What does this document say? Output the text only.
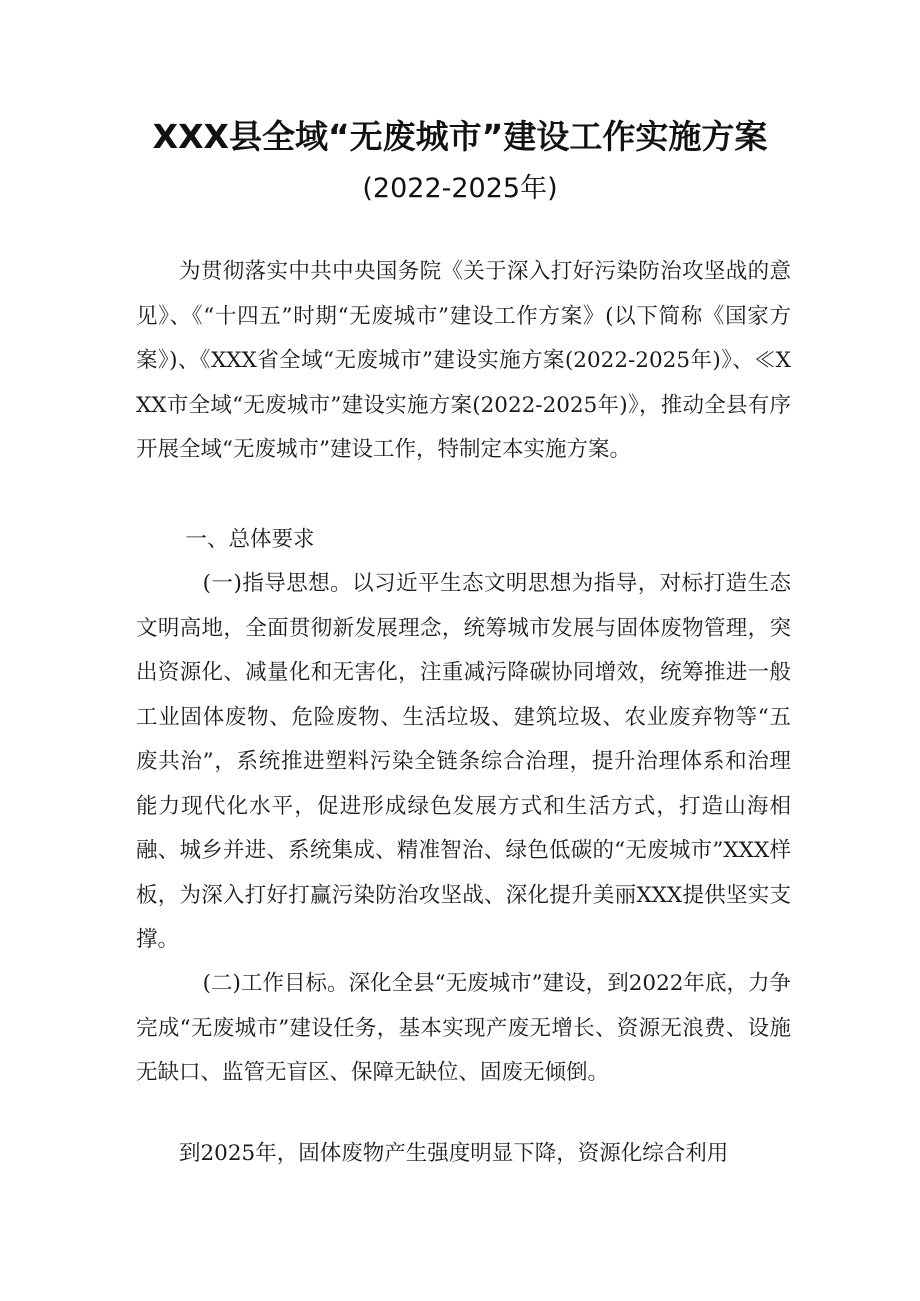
XXX县全域“无废城市”建设工作实施方案
(2022-2025年)

为贯彻落实中共中央国务院《关于深入打好污染防治攻坚战的意见》、《“十四五”时期“无废城市”建设工作方案》(以下简称《国家方案》)、《XXX省全域“无废城市”建设实施方案(2022-2025年)》、≪XXX市全域“无废城市”建设实施方案(2022-2025年)》，推动全县有序开展全域“无废城市”建设工作，特制定本实施方案。

一、总体要求

(一)指导思想。以习近平生态文明思想为指导，对标打造生态文明高地，全面贯彻新发展理念，统筹城市发展与固体废物管理，突出资源化、减量化和无害化，注重减污降碳协同增效，统筹推进一般工业固体废物、危险废物、生活垃圾、建筑垃圾、农业废弃物等“五废共治”，系统推进塑料污染全链条综合治理，提升治理体系和治理能力现代化水平，促进形成绿色发展方式和生活方式，打造山海相融、城乡并进、系统集成、精准智治、绿色低碳的“无废城市”XXX样板，为深入打好打赢污染防治攻坚战、深化提升美丽XXX提供坚实支撑。

(二)工作目标。深化全县“无废城市”建设，到2022年底，力争完成“无废城市”建设任务，基本实现产废无增长、资源无浪费、设施无缺口、监管无盲区、保障无缺位、固废无倾倒。

到2025年，固体废物产生强度明显下降，资源化综合利用
